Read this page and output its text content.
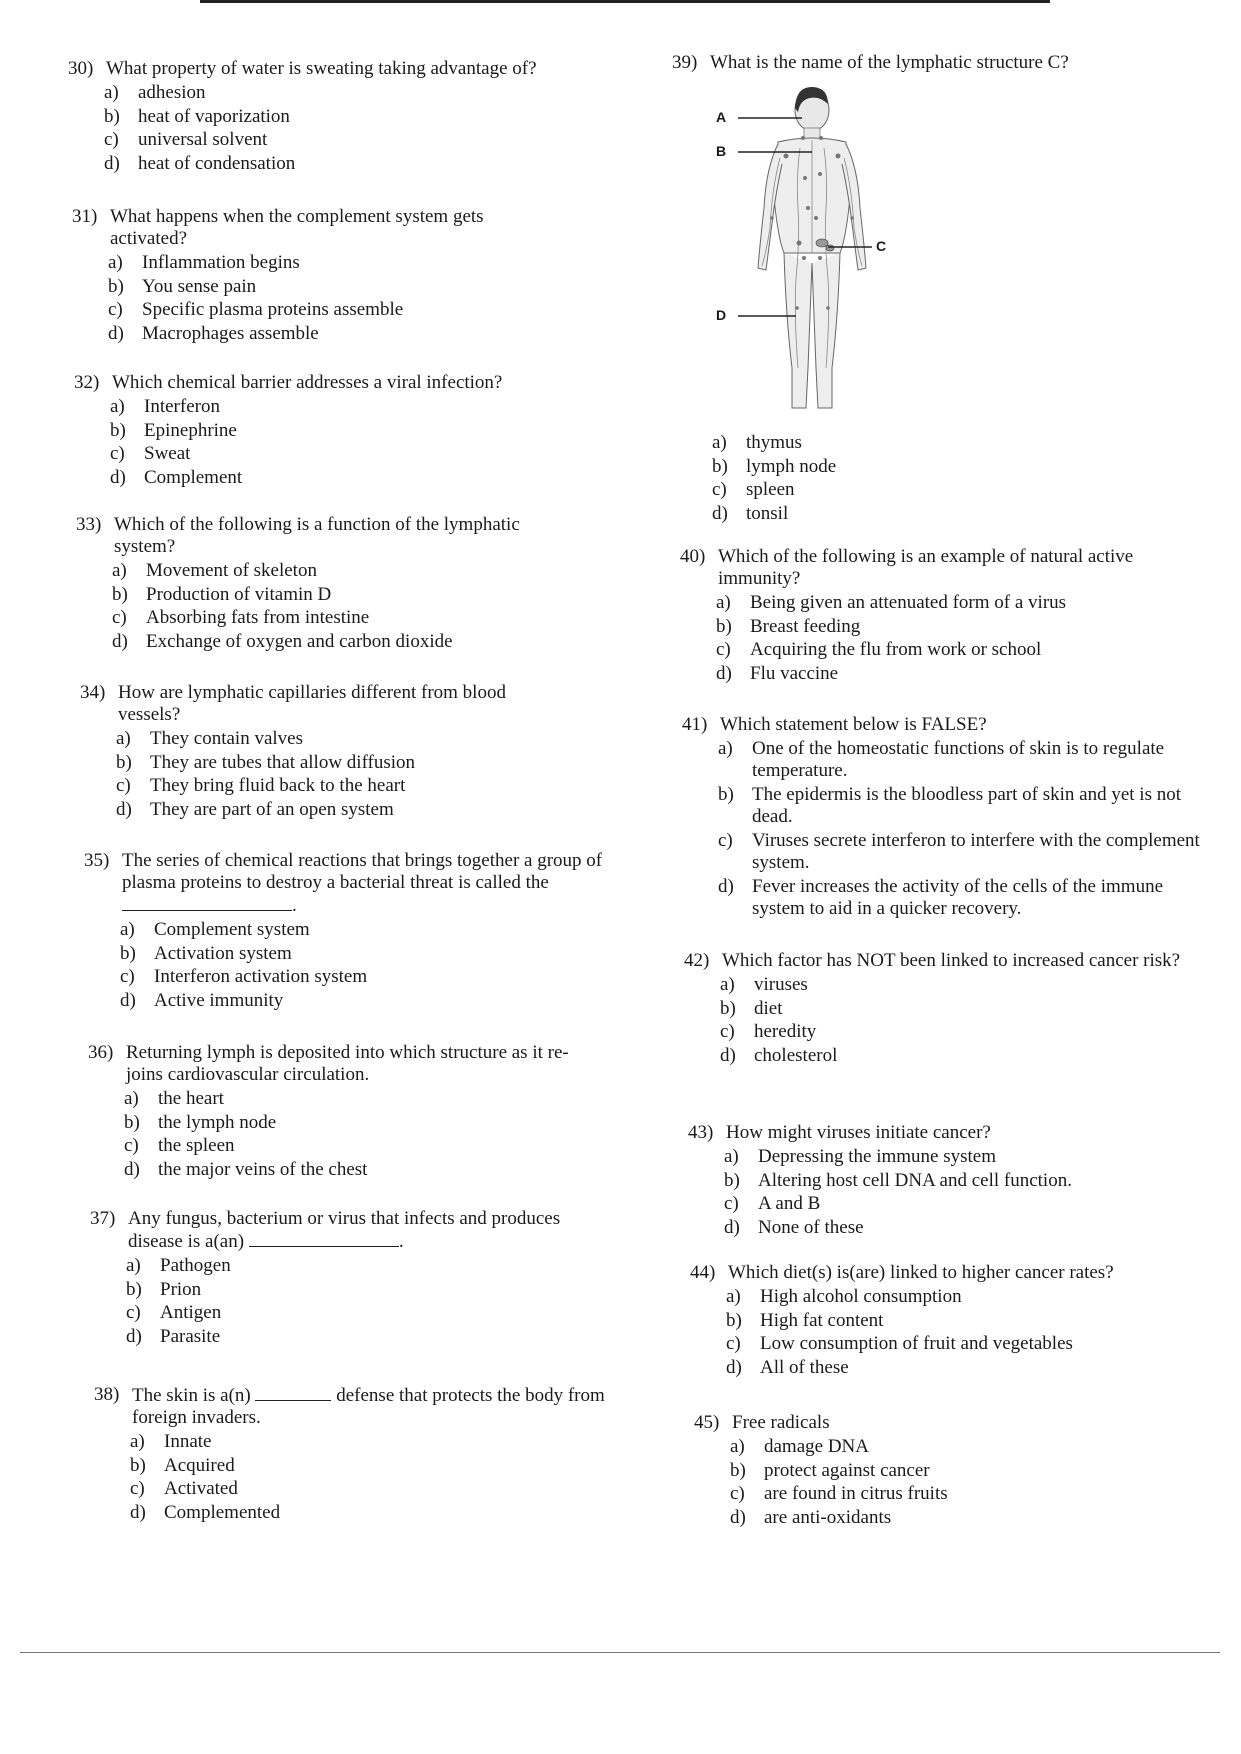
30) What property of water is sweating taking advantage of?
a)	adhesion
b) heat of vaporization
c)	universal solvent
d) heat of condensation
31) What happens when the complement system gets activated?
a)	Inflammation begins
b) You sense pain
c)	Specific plasma proteins assemble
d) Macrophages assemble
32) Which chemical barrier addresses a viral infection?
a)	Interferon
b) Epinephrine
c)	Sweat
d) Complement
33) Which of the following is a function of the lymphatic system?
a)	Movement of skeleton
b) Production of vitamin D
c)	Absorbing fats from intestine
d) Exchange of oxygen and carbon dioxide
34) How are lymphatic capillaries different from blood vessels?
a)	They contain valves
b) They are tubes that allow diffusion
c)	They bring fluid back to the heart
d) They are part of an open system
35) The series of chemical reactions that brings together a group of plasma proteins to destroy a bacterial threat is called the .
a)	Complement system
b) Activation system
c)	Interferon activation system
d) Active immunity
36) Returning lymph is deposited into which structure as it re-joins cardiovascular circulation.
a)	the heart
b) the lymph node
c)	the spleen
d) the major veins of the chest
37) Any fungus, bacterium or virus that infects and produces disease is a(an)	.
a)	Pathogen
b) Prion
c)	Antigen
d) Parasite
38) The skin is a(n)	defense that protects the body from foreign invaders.
a)	Innate
b) Acquired
c)	Activated
d) Complemented
39) What is the name of the lymphatic structure C?
A
B
C
D
a)	thymus
b) lymph node
c)	spleen
d) tonsil
40) Which of the following is an example of natural active immunity?
a)	Being given an attenuated form of a virus
b) Breast feeding
c)	Acquiring the flu from work or school
d) Flu vaccine
41) Which statement below is FALSE?
a)	One of the homeostatic functions of skin is to regulate temperature.
b) The epidermis is the bloodless part of skin and yet is not dead.
c)	Viruses secrete interferon to interfere with the complement system.
d) Fever increases the activity of the cells of the immune system to aid in a quicker recovery.
42) Which factor has NOT been linked to increased cancer risk?
a)	viruses
b) diet
c)	heredity
d) cholesterol
43) How might viruses initiate cancer?
a)	Depressing the immune system
b) Altering host cell DNA and cell function.
c)	A and B
d) None of these
44) Which diet(s) is(are) linked to higher cancer rates?
a)	High alcohol consumption
b) High fat content
c)	Low consumption of fruit and vegetables
d) All of these
45) Free radicals
a)	damage DNA
b) protect against cancer
c)	are found in citrus fruits
d) are anti-oxidants
